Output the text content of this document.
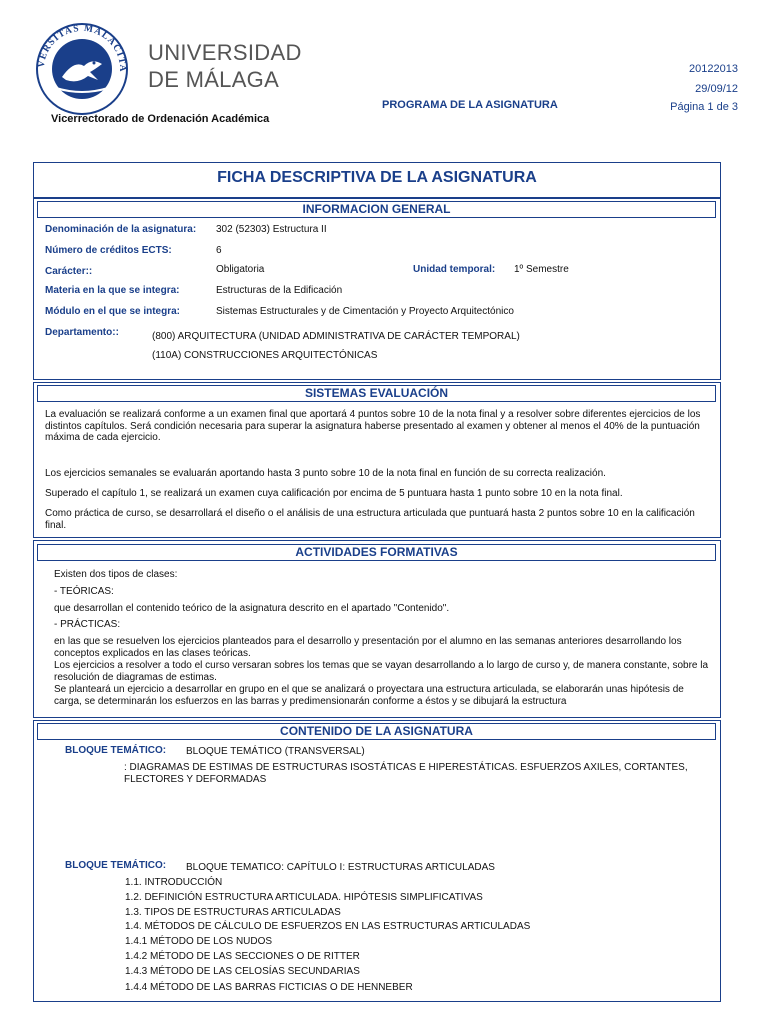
VERSITAS MALACITA
UNIVERSIDAD
DE MÁLAGA
Vicerrectorado de Ordenación Académica
PROGRAMA DE LA ASIGNATURA
20122013
29/09/12
Página 1 de 3
FICHA DESCRIPTIVA DE LA ASIGNATURA
INFORMACION GENERAL
Denominación de la asignatura: 302 (52303) Estructura II
Número de créditos ECTS:	6
Carácter::	Obligatoria	Unidad temporal: 1º Semestre
Materia en la que se integra:	Estructuras de la Edificación
Módulo en el que se integra:	Sistemas Estructurales y de Cimentación y Proyecto Arquitectónico
Departamento::	(800) ARQUITECTURA (UNIDAD ADMINISTRATIVA DE CARÁCTER TEMPORAL)
(110A) CONSTRUCCIONES ARQUITECTÓNICAS
SISTEMAS EVALUACIÓN
La evaluación se realizará conforme a un examen final que aportará 4 puntos sobre 10 de la nota final y a resolver sobre diferentes ejercicios de los distintos capítulos. Será condición necesaria para superar la asignatura haberse presentado al examen y obtener al menos el 40% de la puntuación máxima de cada ejercicio.
Los ejercicios semanales se evaluarán aportando hasta 3 punto sobre 10 de la nota final en función de su correcta realización.
Superado el capítulo 1, se realizará un examen cuya calificación por encima de 5 puntuara hasta 1 punto sobre 10 en la nota final.
Como práctica de curso, se desarrollará el diseño o el análisis de una estructura articulada que puntuará hasta 2 puntos sobre 10 en la calificación final.
ACTIVIDADES FORMATIVAS
Existen dos tipos de clases:
- TEÓRICAS:
que desarrollan el contenido teórico de la asignatura descrito en el apartado "Contenido".
- PRÁCTICAS:
en las que se resuelven los ejercicios planteados para el desarrollo y presentación por el alumno en las semanas anteriores desarrollando los conceptos explicados en las clases teóricas.
Los ejercicios a resolver a todo el curso versaran sobres los temas que se vayan desarrollando a lo largo de curso y, de manera constante, sobre la resolución de diagramas de estimas.
Se planteará un ejercicio a desarrollar en grupo en el que se analizará o proyectara una estructura articulada, se elaborarán unas hipótesis de carga, se determinarán los esfuerzos en las barras y predimensionarán conforme a éstos y se dibujará la estructura
CONTENIDO DE LA ASIGNATURA
BLOQUE TEMÁTICO: BLOQUE TEMÁTICO (TRANSVERSAL)
: DIAGRAMAS DE ESTIMAS DE ESTRUCTURAS ISOSTÁTICAS E HIPERESTÁTICAS. ESFUERZOS AXILES, CORTANTES, FLECTORES Y DEFORMADAS
BLOQUE TEMÁTICO: BLOQUE TEMATICO: CAPÍTULO I: ESTRUCTURAS ARTICULADAS
1.1. INTRODUCCIÓN
1.2. DEFINICIÓN ESTRUCTURA ARTICULADA. HIPÓTESIS SIMPLIFICATIVAS
1.3. TIPOS DE ESTRUCTURAS ARTICULADAS
1.4. MÉTODOS DE CÁLCULO DE ESFUERZOS EN LAS ESTRUCTURAS ARTICULADAS
1.4.1 MÉTODO DE LOS NUDOS
1.4.2 MÉTODO DE LAS SECCIONES O DE RITTER
1.4.3 MÉTODO DE LAS CELOSÍAS SECUNDARIAS
1.4.4 MÉTODO DE LAS BARRAS FICTICIAS O DE HENNEBER
